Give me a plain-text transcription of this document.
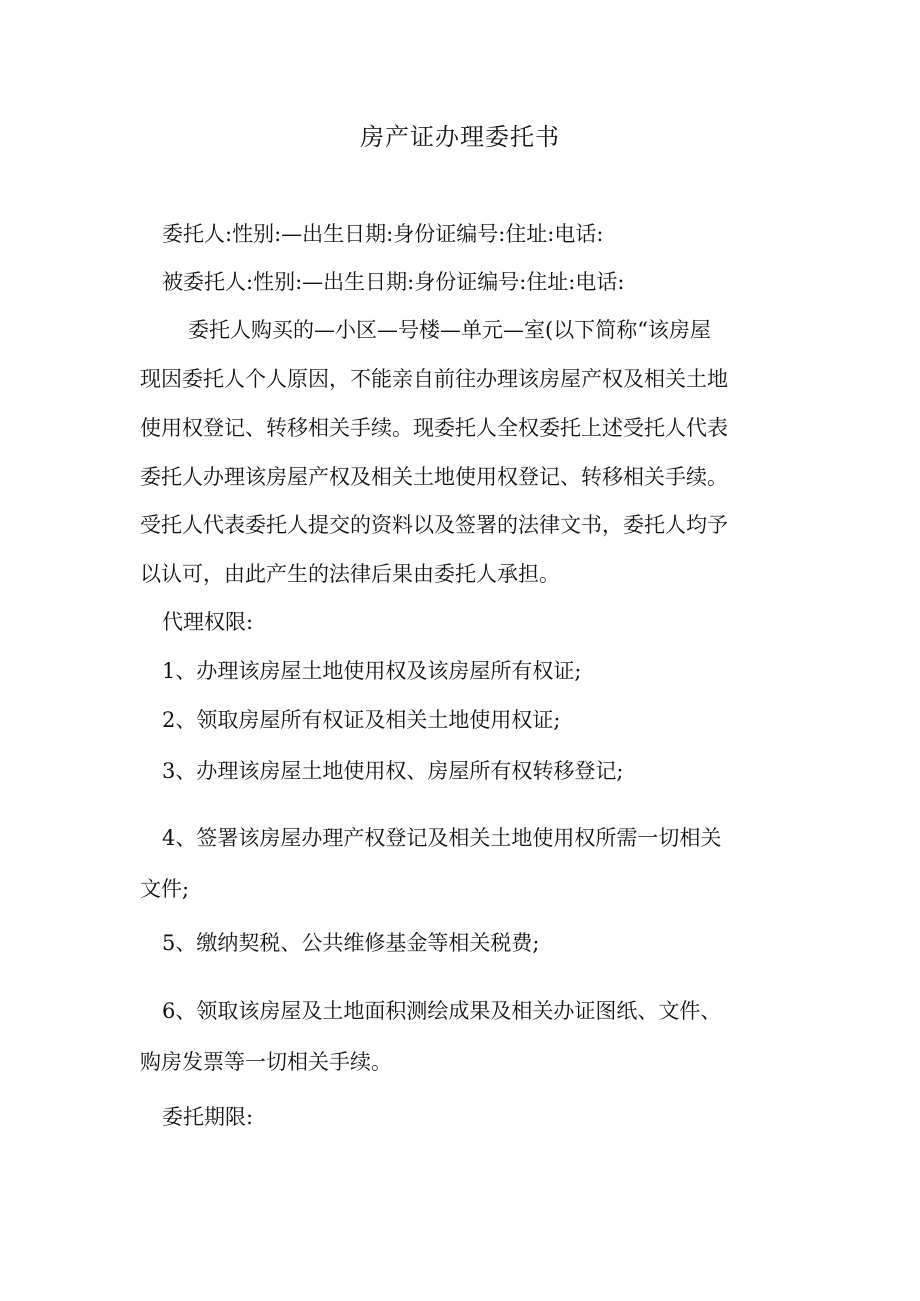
房产证办理委托书
委托人:性别:—出生日期:身份证编号:住址:电话:
被委托人:性别:—出生日期:身份证编号:住址:电话:
委托人购买的—小区—号楼—单元—室(以下简称“该房屋
现因委托人个人原因，不能亲自前往办理该房屋产权及相关土地
使用权登记、转移相关手续。现委托人全权委托上述受托人代表
委托人办理该房屋产权及相关土地使用权登记、转移相关手续。
受托人代表委托人提交的资料以及签署的法律文书，委托人均予
以认可，由此产生的法律后果由委托人承担。
代理权限:
1、办理该房屋土地使用权及该房屋所有权证;
2、领取房屋所有权证及相关土地使用权证;
3、办理该房屋土地使用权、房屋所有权转移登记;
4、签署该房屋办理产权登记及相关土地使用权所需一切相关
文件;
5、缴纳契税、公共维修基金等相关税费;
6、领取该房屋及土地面积测绘成果及相关办证图纸、文件、
购房发票等一切相关手续。
委托期限:
